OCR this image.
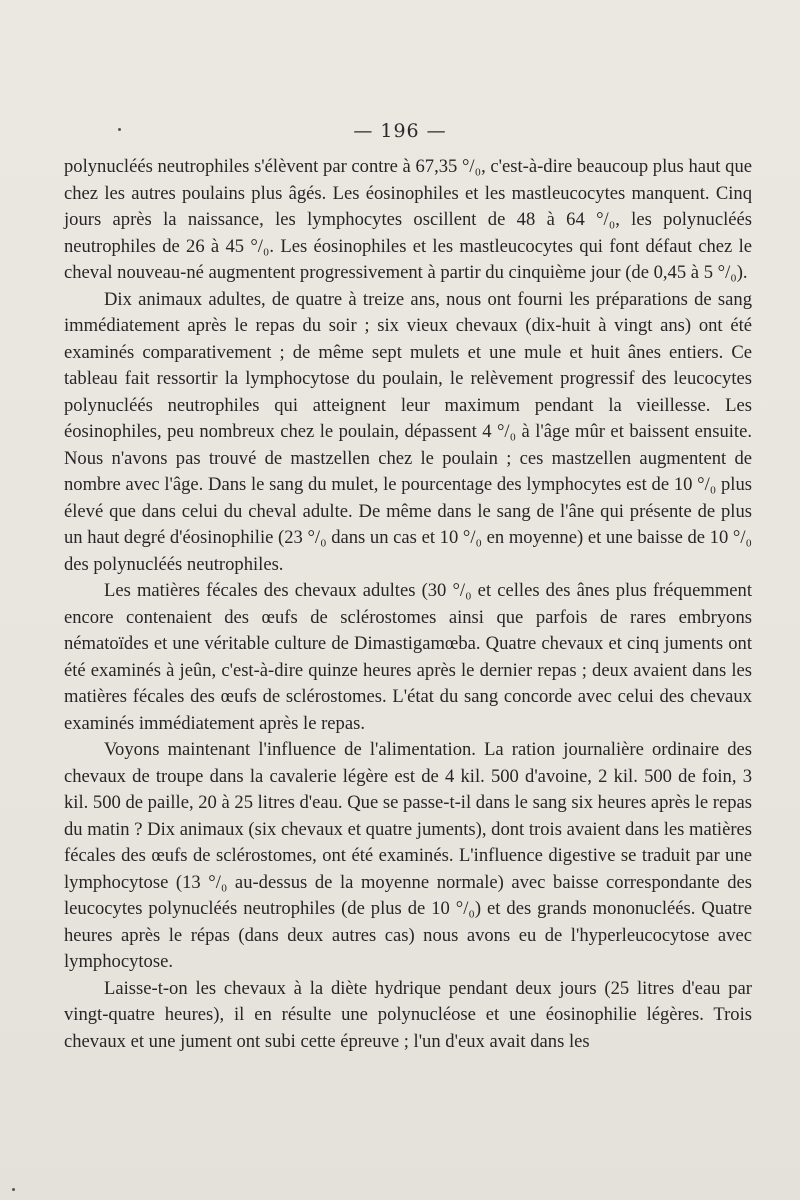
— 196 —

polynucléés neutrophiles s'élèvent par contre à 67,35 °/₀, c'est-à-dire beaucoup plus haut que chez les autres poulains plus âgés. Les éosinophiles et les mastleucocytes manquent. Cinq jours après la naissance, les lymphocytes oscillent de 48 à 64 °/₀, les polynucléés neutrophiles de 26 à 45 °/₀. Les éosinophiles et les mastleucocytes qui font défaut chez le cheval nouveau-né augmentent progressivement à partir du cinquième jour (de 0,45 à 5 °/₀).

Dix animaux adultes, de quatre à treize ans, nous ont fourni les préparations de sang immédiatement après le repas du soir ; six vieux chevaux (dix-huit à vingt ans) ont été examinés comparativement ; de même sept mulets et une mule et huit ânes entiers. Ce tableau fait ressortir la lymphocytose du poulain, le relèvement progressif des leucocytes polynucléés neutrophiles qui atteignent leur maximum pendant la vieillesse. Les éosinophiles, peu nombreux chez le poulain, dépassent 4 °/₀ à l'âge mûr et baissent ensuite. Nous n'avons pas trouvé de mastzellen chez le poulain ; ces mastzellen augmentent de nombre avec l'âge. Dans le sang du mulet, le pourcentage des lymphocytes est de 10 °/₀ plus élevé que dans celui du cheval adulte. De même dans le sang de l'âne qui présente de plus un haut degré d'éosinophilie (23 °/₀ dans un cas et 10 °/₀ en moyenne) et une baisse de 10 °/₀ des polynucléés neutrophiles.

Les matières fécales des chevaux adultes (30 °/₀ et celles des ânes plus fréquemment encore contenaient des œufs de sclérostomes ainsi que parfois de rares embryons nématoïdes et une véritable culture de Dimastigamœba. Quatre chevaux et cinq juments ont été examinés à jeûn, c'est-à-dire quinze heures après le dernier repas ; deux avaient dans les matières fécales des œufs de sclérostomes. L'état du sang concorde avec celui des chevaux examinés immédiatement après le repas.

Voyons maintenant l'influence de l'alimentation. La ration journalière ordinaire des chevaux de troupe dans la cavalerie légère est de 4 kil. 500 d'avoine, 2 kil. 500 de foin, 3 kil. 500 de paille, 20 à 25 litres d'eau. Que se passe-t-il dans le sang six heures après le repas du matin ? Dix animaux (six chevaux et quatre juments), dont trois avaient dans les matières fécales des œufs de sclérostomes, ont été examinés. L'influence digestive se traduit par une lymphocytose (13 °/₀ au-dessus de la moyenne normale) avec baisse correspondante des leucocytes polynucléés neutrophiles (de plus de 10 °/₀) et des grands mononucléés. Quatre heures après le répas (dans deux autres cas) nous avons eu de l'hyperleucocytose avec lymphocytose.

Laisse-t-on les chevaux à la diète hydrique pendant deux jours (25 litres d'eau par vingt-quatre heures), il en résulte une polynucléose et une éosinophilie légères. Trois chevaux et une jument ont subi cette épreuve ; l'un d'eux avait dans les
